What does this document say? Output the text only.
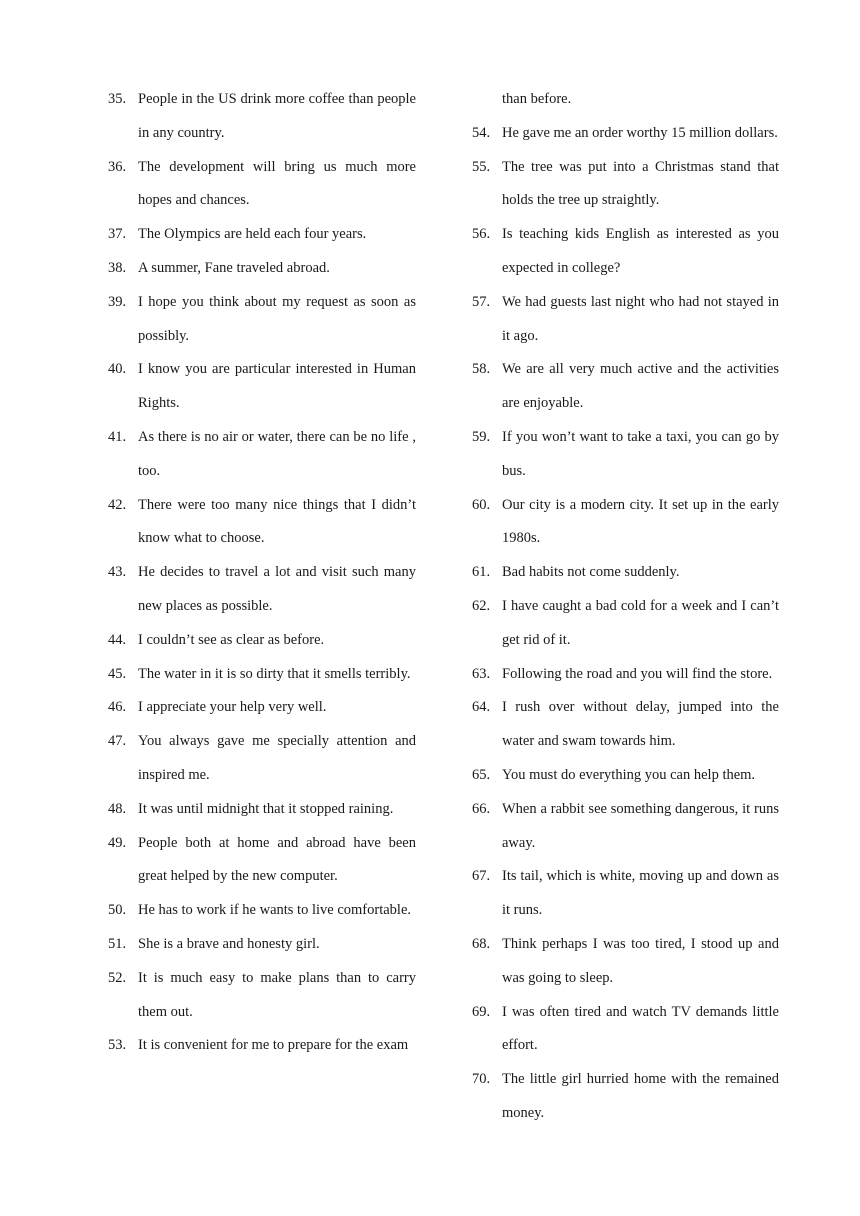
35. People in the US drink more coffee than people in any country.
36. The development will bring us much more hopes and chances.
37. The Olympics are held each four years.
38. A summer, Fane traveled abroad.
39. I hope you think about my request as soon as possibly.
40. I know you are particular interested in Human Rights.
41. As there is no air or water, there can be no life , too.
42. There were too many nice things that I didn’t know what to choose.
43. He decides to travel a lot and visit such many new places as possible.
44. I couldn’t see as clear as before.
45. The water in it is so dirty that it smells terribly.
46. I appreciate your help very well.
47. You always gave me specially attention and inspired me.
48. It was until midnight that it stopped raining.
49. People both at home and abroad have been great helped by the new computer.
50. He has to work if he wants to live comfortable.
51. She is a brave and honesty girl.
52. It is much easy to make plans than to carry them out.
53. It is convenient for me to prepare for the exam
than before.
54. He gave me an order worthy 15 million dollars.
55. The tree was put into a Christmas stand that holds the tree up straightly.
56. Is teaching kids English as interested as you expected in college?
57. We had guests last night who had not stayed in it ago.
58. We are all very much active and the activities are enjoyable.
59. If you won’t want to take a taxi, you can go by bus.
60. Our city is a modern city. It set up in the early 1980s.
61. Bad habits not come suddenly.
62. I have caught a bad cold for a week and I can’t get rid of it.
63. Following the road and you will find the store.
64. I rush over without delay, jumped into the water and swam towards him.
65. You must do everything you can help them.
66. When a rabbit see something dangerous, it runs away.
67. Its tail, which is white, moving up and down as it runs.
68. Think perhaps I was too tired, I stood up and was going to sleep.
69. I was often tired and watch TV demands little effort.
70. The little girl hurried home with the remained money.
